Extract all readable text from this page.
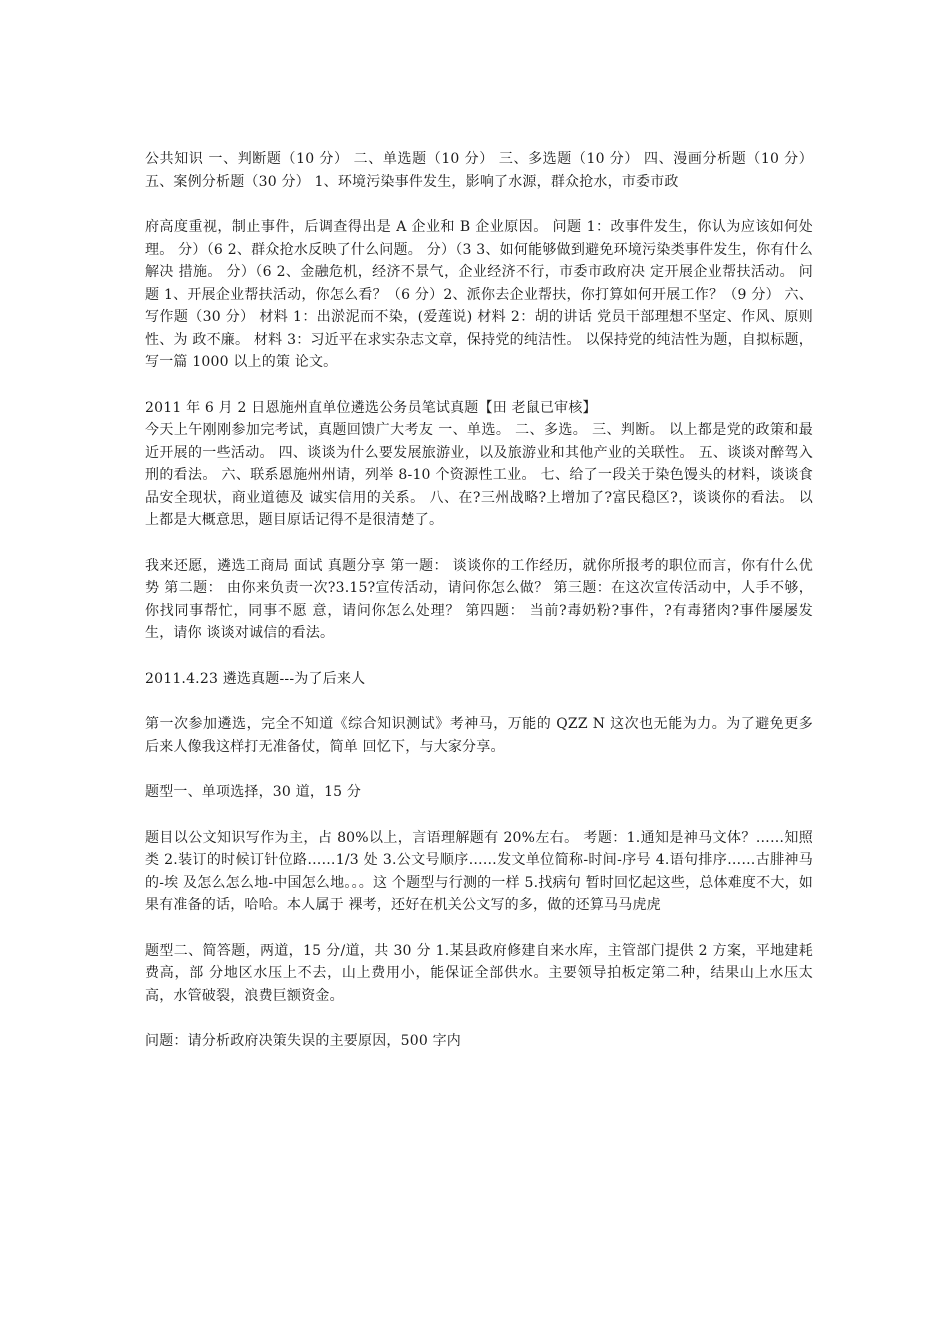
公共知识 一、判断题（10 分） 二、单选题（10 分） 三、多选题（10 分） 四、漫画分析题（10 分） 五、案例分析题（30 分） 1、环境污染事件发生，影响了水源，群众抢水，市委市政

府高度重视，制止事件，后调查得出是 A 企业和 B 企业原因。 问题 1：改事件发生，你认为应该如何处理。 分）（6 2、群众抢水反映了什么问题。 分）（3 3、如何能够做到避免环境污染类事件发生，你有什么解决 措施。 分）（6 2、金融危机，经济不景气，企业经济不行，市委市政府决 定开展企业帮扶活动。 问题 1、开展企业帮扶活动，你怎么看？（6 分）2、派你去企业帮扶，你打算如何开展工作？（9 分） 六、写作题（30 分） 材料 1：出淤泥而不染，(爱莲说) 材料 2：胡的讲话 党员干部理想不坚定、作风、原则性、为 政不廉。 材料 3：习近平在求实杂志文章，保持党的纯洁性。 以保持党的纯洁性为题，自拟标题，写一篇 1000 以上的策 论文。

2011 年 6 月 2 日恩施州直单位遴选公务员笔试真题【田 老鼠已审核】

今天上午刚刚参加完考试，真题回馈广大考友 一、单选。 二、多选。 三、判断。 以上都是党的政策和最近开展的一些活动。 四、谈谈为什么要发展旅游业，以及旅游业和其他产业的关联性。 五、谈谈对醉驾入刑的看法。 六、联系恩施州州请，列举 8-10 个资源性工业。 七、给了一段关于染色馒头的材料，谈谈食品安全现状，商业道德及 诚实信用的关系。 八、在?三州战略?上增加了?富民稳区?，谈谈你的看法。 以上都是大概意思，题目原话记得不是很清楚了。

我来还愿，遴选工商局 面试 真题分享 第一题： 谈谈你的工作经历，就你所报考的职位而言，你有什么优 势 第二题： 由你来负责一次?3.15?宣传活动，请问你怎么做？ 第三题：在这次宣传活动中，人手不够，你找同事帮忙，同事不愿 意，请问你怎么处理？ 第四题： 当前?毒奶粉?事件，?有毒猪肉?事件屡屡发生，请你 谈谈对诚信的看法。

2011.4.23 遴选真题---为了后来人

第一次参加遴选，完全不知道《综合知识测试》考神马，万能的 QZZ N 这次也无能为力。为了避免更多后来人像我这样打无准备仗，简单 回忆下，与大家分享。

题型一、单项选择，30 道，15 分

题目以公文知识写作为主，占 80%以上，言语理解题有 20%左右。 考题：1.通知是神马文体？……知照类 2.装订的时候订针位路……1/3 处 3.公文号顺序……发文单位简称-时间-序号 4.语句排序……古腓神马的-埃 及怎么怎么地-中国怎么地。。。这 个题型与行测的一样 5.找病句 暂时回忆起这些，总体难度不大，如果有准备的话，哈哈。本人属于 裸考，还好在机关公文写的多，做的还算马马虎虎

题型二、简答题，两道，15 分/道，共 30 分 1.某县政府修建自来水库，主管部门提供 2 方案，平地建耗费高，部 分地区水压上不去，山上费用小，能保证全部供水。主要领导拍板定第二种，结果山上水压太高，水管破裂，浪费巨额资金。

问题：请分析政府决策失误的主要原因，500 字内
